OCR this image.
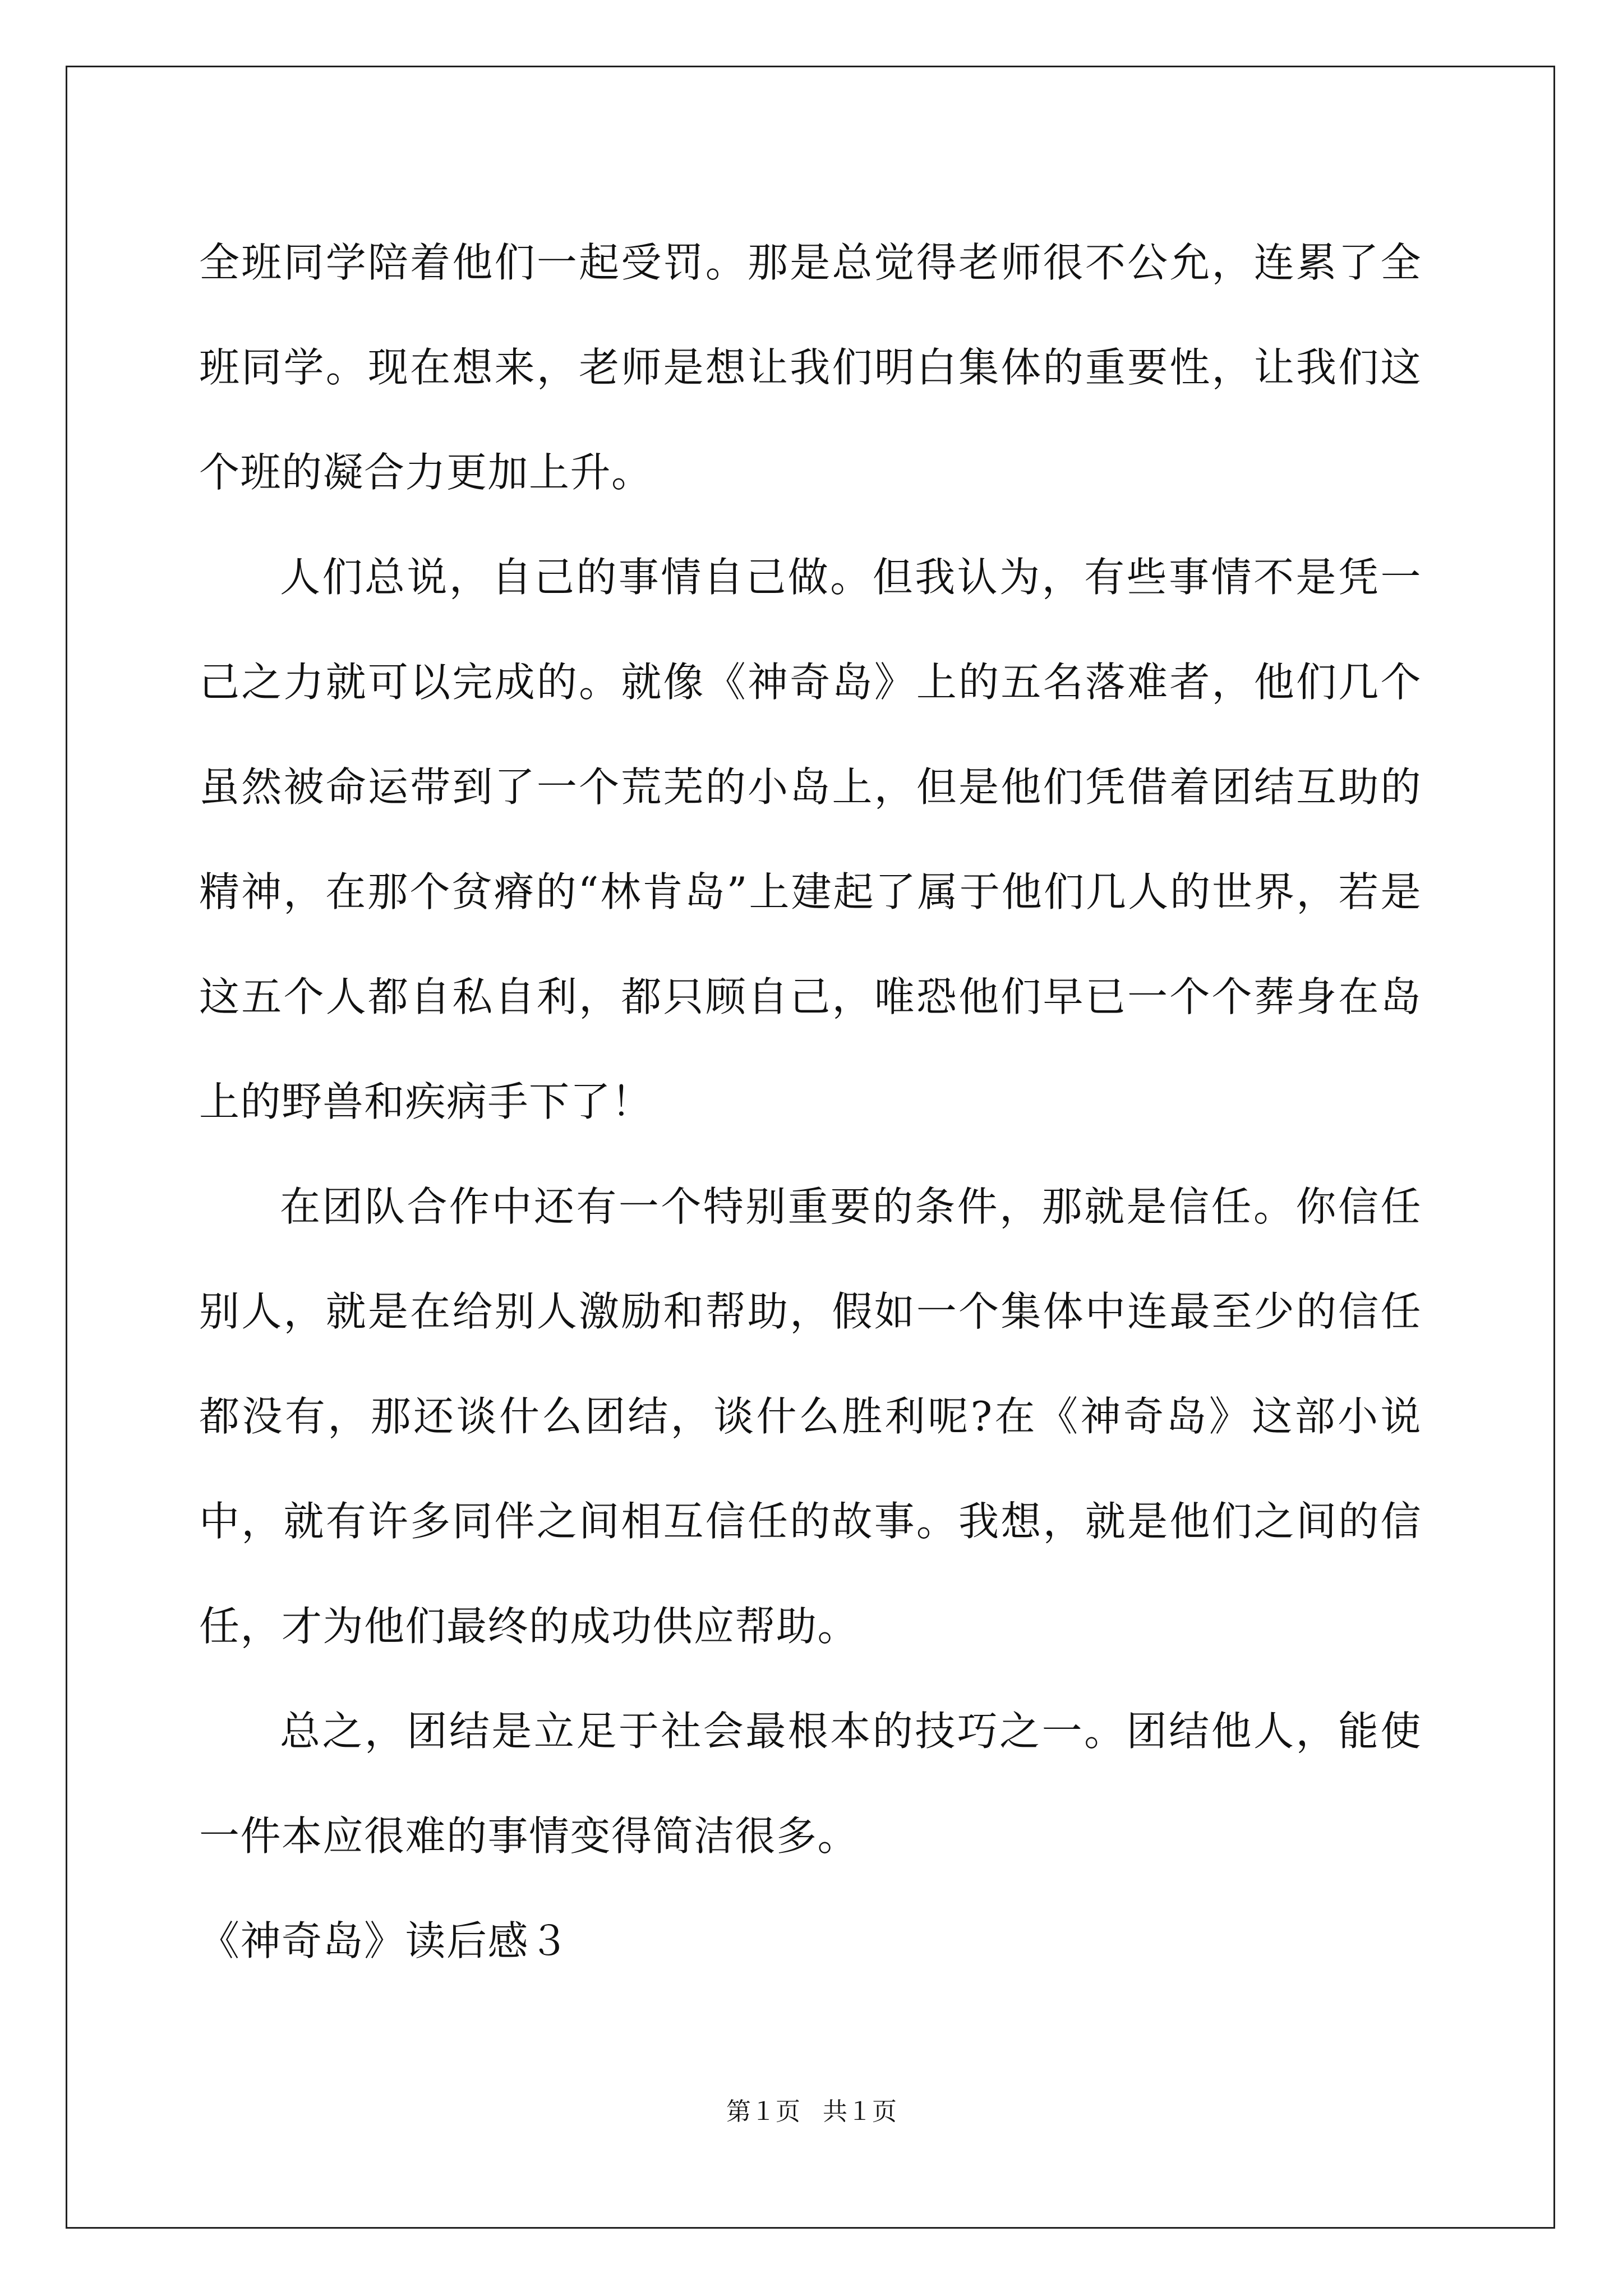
全班同学陪着他们一起受罚。那是总觉得老师很不公允，连累了全班同学。现在想来，老师是想让我们明白集体的重要性，让我们这个班的凝合力更加上升。

人们总说，自己的事情自己做。但我认为，有些事情不是凭一己之力就可以完成的。就像《神奇岛》上的五名落难者，他们几个虽然被命运带到了一个荒芜的小岛上，但是他们凭借着团结互助的精神，在那个贫瘠的“林肯岛”上建起了属于他们几人的世界，若是这五个人都自私自利，都只顾自己，唯恐他们早已一个个葬身在岛上的野兽和疾病手下了！

在团队合作中还有一个特别重要的条件，那就是信任。你信任别人，就是在给别人激励和帮助，假如一个集体中连最至少的信任都没有，那还谈什么团结，谈什么胜利呢?在《神奇岛》这部小说中，就有许多同伴之间相互信任的故事。我想，就是他们之间的信任，才为他们最终的成功供应帮助。

总之，团结是立足于社会最根本的技巧之一。团结他人，能使一件本应很难的事情变得简洁很多。

《神奇岛》读后感３

第１页 共１页
